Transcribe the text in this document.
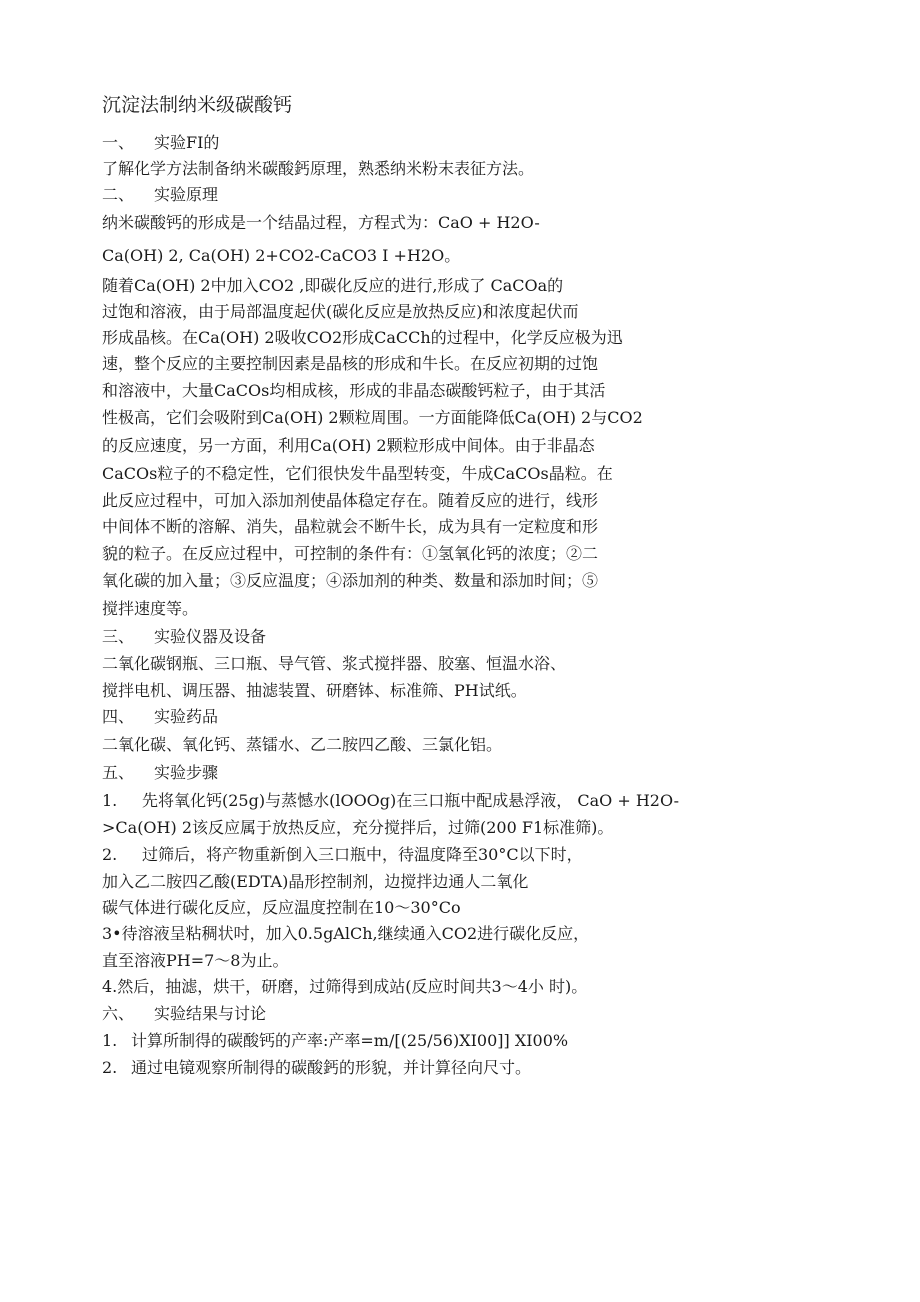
沉淀法制纳米级碳酸钙
一、 实验FI的
了解化学方法制备纳米碳酸鈣原理，熟悉纳米粉末表征方法。
二、 实验原理
纳米碳酸钙的形成是一个结晶过程，方程式为：CaO + H2O-
Ca(OH) 2, Ca(OH) 2+CO2-CaCO3 I +H2O。
随着Ca(OH) 2中加入CO2 ,即碳化反应的进行,形成了 CaCOa的
过饱和溶液，由于局部温度起伏(碳化反应是放热反应)和浓度起伏而
形成晶核。在Ca(OH) 2吸收CO2形成CaCCh的过程中，化学反应极为迅
速，整个反应的主要控制因素是晶核的形成和牛长。在反应初期的过饱
和溶液中，大量CaCOs均相成核，形成的非晶态碳酸钙粒子，由于其活
性极高，它们会吸附到Ca(OH) 2颗粒周围。一方面能降低Ca(OH) 2与CO2
的反应速度，另一方面，利用Ca(OH) 2颗粒形成中间体。由于非晶态
CaCOs粒子的不稳定性，它们很快发牛晶型转变，牛成CaCOs晶粒。在
此反应过程中，可加入添加剂使晶体稳定存在。随着反应的进行，线形
中间体不断的溶解、消失，晶粒就会不断牛长，成为具有一定粒度和形
貌的粒子。在反应过程中，可控制的条件有：①氢氧化钙的浓度；②二
氧化碳的加入量；③反应温度；④添加剂的种类、数量和添加时间；⑤
搅拌速度等。
三、 实验仪器及设备
二氧化碳钢瓶、三口瓶、导气管、浆式搅拌器、胶塞、恒温水浴、
搅拌电机、调压器、抽滤装置、研磨钵、标准筛、PH试纸。
四、 实验药品
二氧化碳、氧化钙、蒸镭水、乙二胺四乙酸、三氯化铝。
五、 实验步骤
1. 先将氧化钙(25g)与蒸憾水(lOOOg)在三口瓶中配成悬浮液， CaO + H2O-
>Ca(OH) 2该反应属于放热反应，充分搅拌后，过筛(200 F1标准筛)。
2. 过筛后，将产物重新倒入三口瓶中，待温度降至30°C以下时，
加入乙二胺四乙酸(EDTA)晶形控制剂，边搅拌边通人二氧化
碳气体进行碳化反应，反应温度控制在10〜30°Co
3•待溶液呈粘稠状吋，加入0.5gAlCh,继续通入CO2进行碳化反应，
直至溶液PH=7〜8为止。
4.然后，抽滤，烘干，研磨，过筛得到成站(反应时间共3〜4小 时)。
六、 实验结果与讨论
1. 计算所制得的碳酸钙的产率:产率=m/[(25/56)XI00]] XI00%
2. 通过电镜观察所制得的碳酸鈣的形貌，并计算径向尺寸。
